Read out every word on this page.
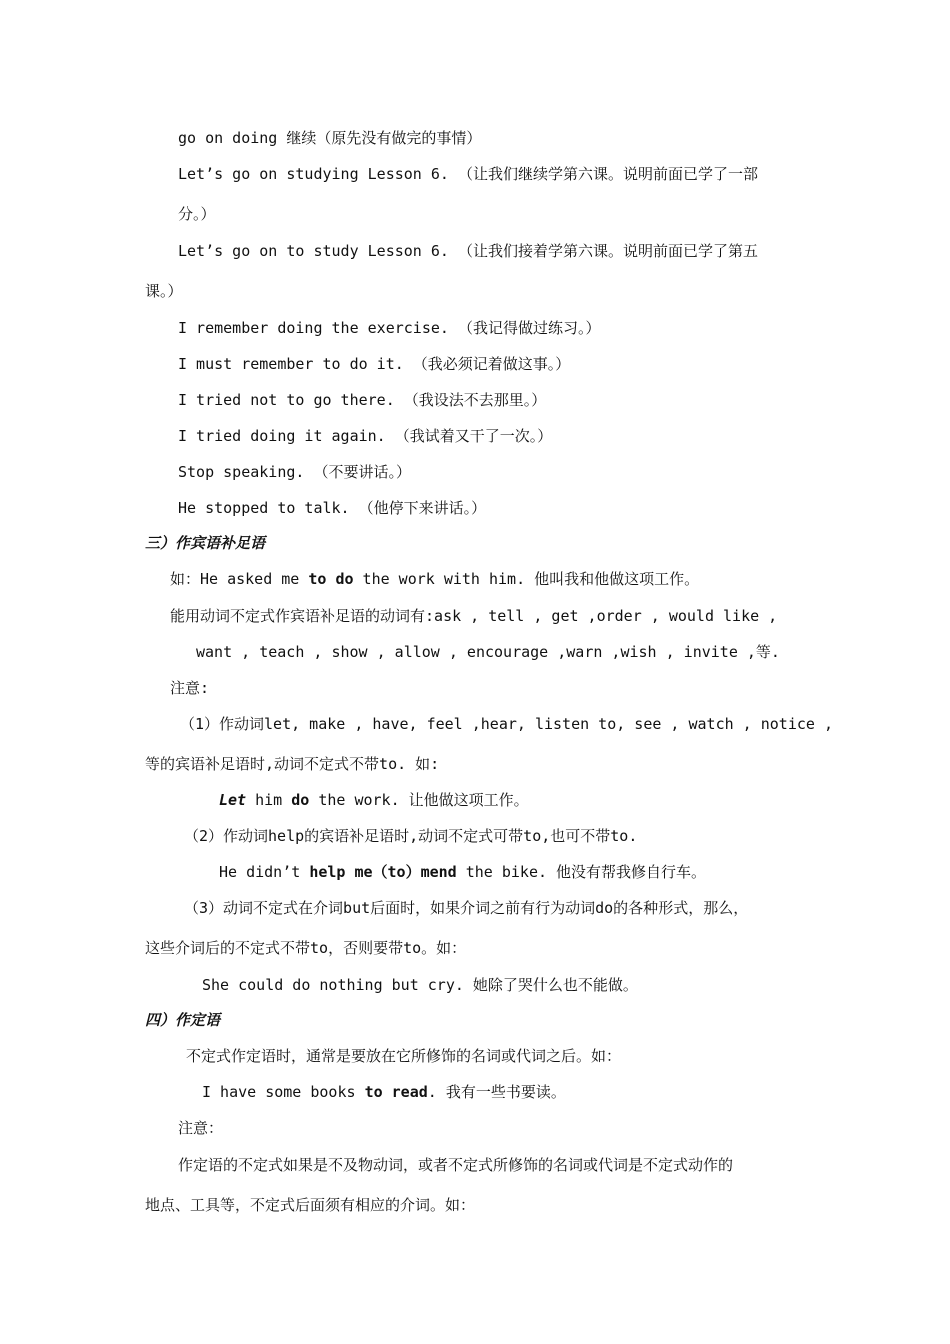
go on doing 继续（原先没有做完的事情）
Let’s go on studying Lesson 6. （让我们继续学第六课。说明前面已学了一部
分。）
Let’s go on to study Lesson 6. （让我们接着学第六课。说明前面已学了第五
课。）
I remember doing the exercise. （我记得做过练习。）
I must remember to do it. （我必须记着做这事。）
I tried not to go there. （我设法不去那里。）
I tried doing it again. （我试着又干了一次。）
Stop speaking. （不要讲话。）
He stopped to talk. （他停下来讲话。）
三）作宾语补足语
如：He asked me to do the work with him. 他叫我和他做这项工作。
能用动词不定式作宾语补足语的动词有:ask , tell , get ,order , would like ,
want , teach , show , allow , encourage ,warn ,wish , invite ,等.
注意:
（1）作动词let, make , have, feel ,hear, listen to, see , watch , notice ,
等的宾语补足语时,动词不定式不带to. 如:
Let him do the work. 让他做这项工作。
（2）作动词help的宾语补足语时,动词不定式可带to,也可不带to.
He didn’t help me（to）mend the bike. 他没有帮我修自行车。
（3）动词不定式在介词but后面时，如果介词之前有行为动词do的各种形式，那么，
这些介词后的不定式不带to，否则要带to。如：
She could do nothing but cry. 她除了哭什么也不能做。
四）作定语
不定式作定语时，通常是要放在它所修饰的名词或代词之后。如：
I have some books to read. 我有一些书要读。
注意：
作定语的不定式如果是不及物动词，或者不定式所修饰的名词或代词是不定式动作的
地点、工具等，不定式后面须有相应的介词。如：
